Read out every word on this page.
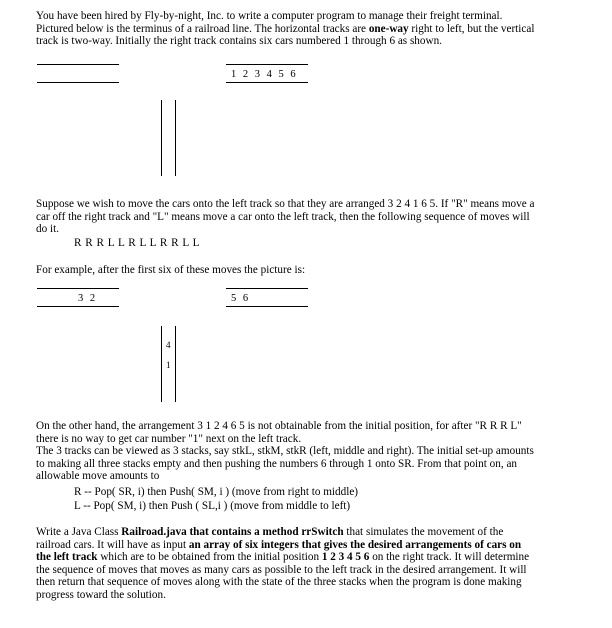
You have been hired by Fly-by-night, Inc. to write a computer program to manage their freight terminal.
Pictured below is the terminus of a railroad line. The horizontal tracks are one-way right to left, but the vertical
track is two-way. Initially the right track contains six cars numbered 1 through 6 as shown.
1 2 3 4 5 6
Suppose we wish to move the cars onto the left track so that they are arranged 3 2 4 1 6 5. If "R" means move a
car off the right track and "L" means move a car onto the left track, then the following sequence of moves will
do it.
R R R L L R L L R R L L
For example, after the first six of these moves the picture is:
3 2	5 6
4
1
On the other hand, the arrangement 3 1 2 4 6 5 is not obtainable from the initial position, for after "R R R L"
there is no way to get car number "1" next on the left track.
The 3 tracks can be viewed as 3 stacks, say stkL, stkM, stkR (left, middle and right). The initial set-up amounts
to making all three stacks empty and then pushing the numbers 6 through 1 onto SR. From that point on, an
allowable move amounts to
R -- Pop( SR, i) then Push( SM, i ) (move from right to middle)
L -- Pop( SM, i) then Push ( SL,i ) (move from middle to left)
Write a Java Class Railroad.java that contains a method rrSwitch that simulates the movement of the
railroad cars. It will have as input an array of six integers that gives the desired arrangements of cars on
the left track which are to be obtained from the initial position 1 2 3 4 5 6 on the right track. It will determine
the sequence of moves that moves as many cars as possible to the left track in the desired arrangement. It will
then return that sequence of moves along with the state of the three stacks when the program is done making
progress toward the solution.
